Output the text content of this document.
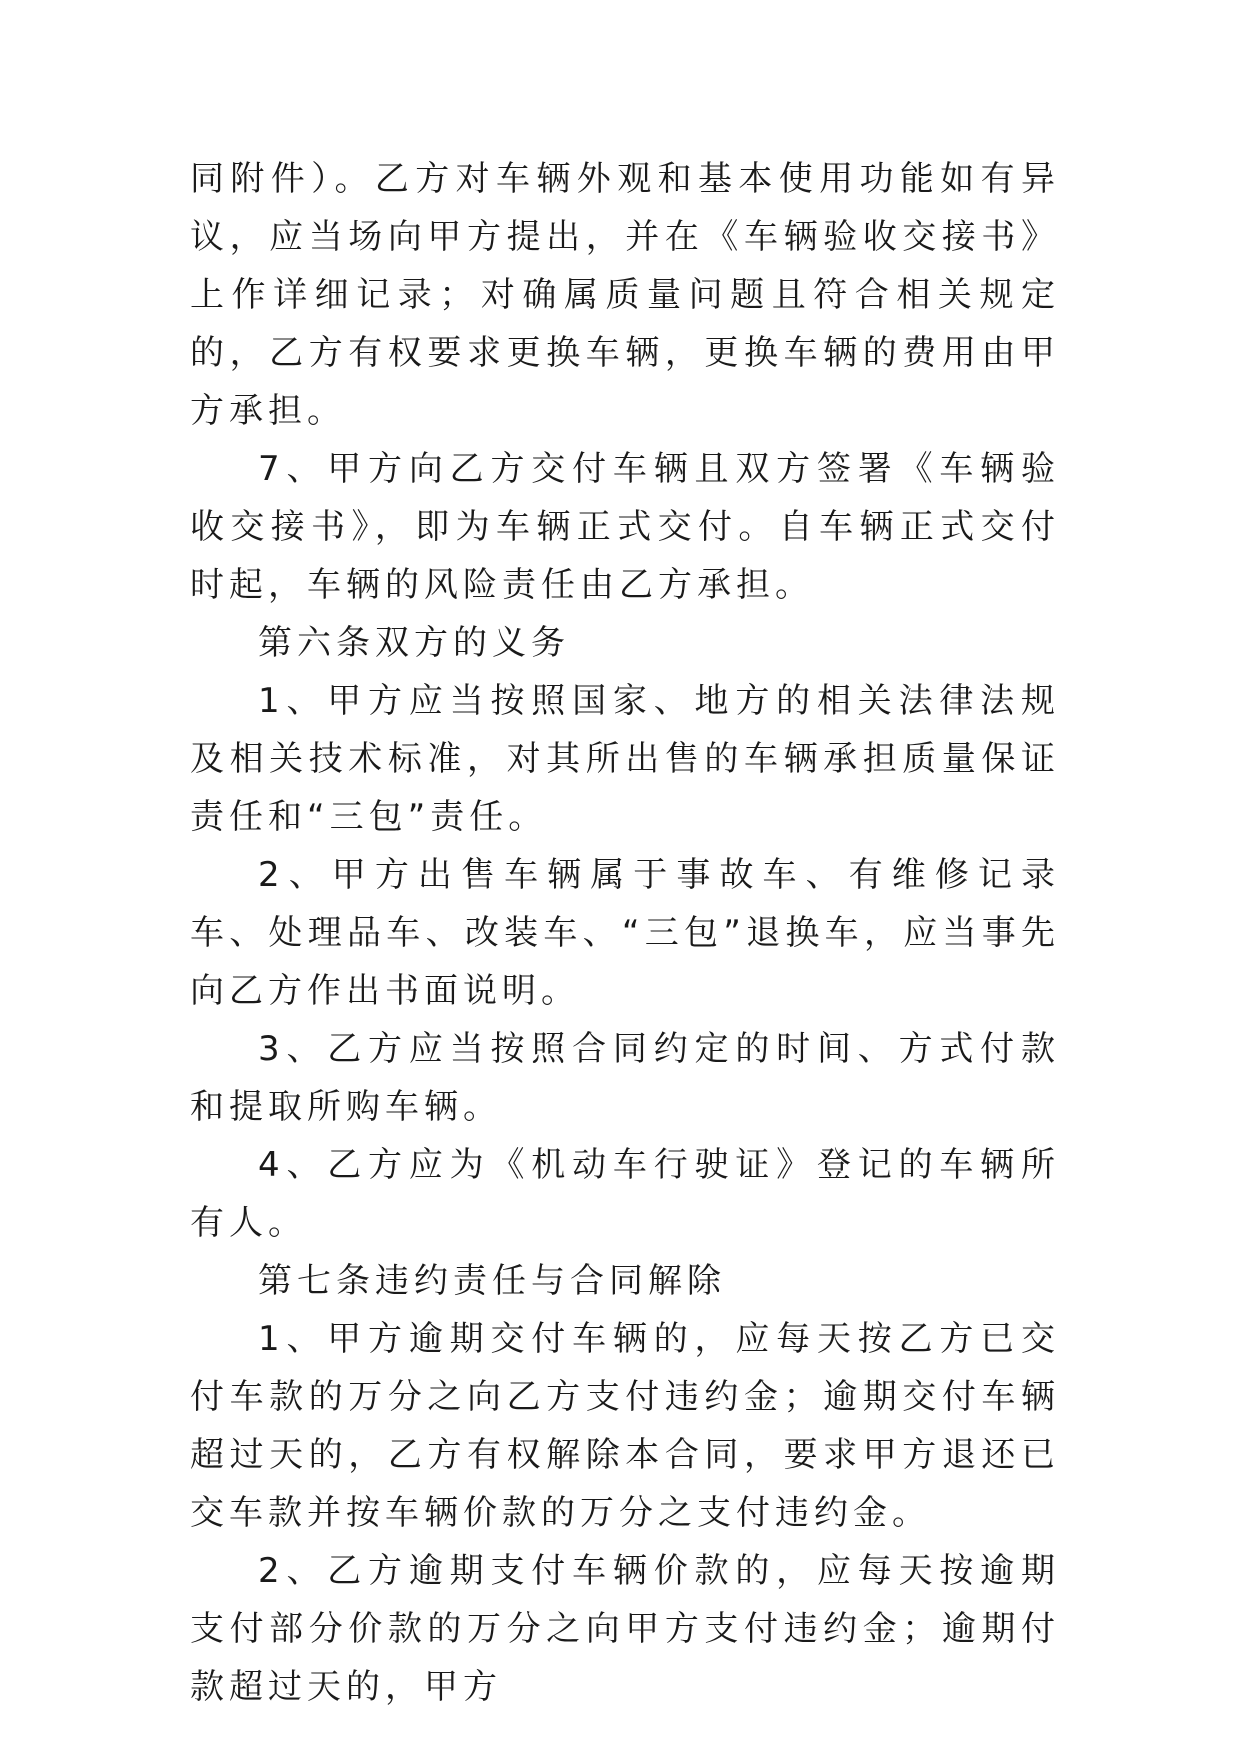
同附件）。乙方对车辆外观和基本使用功能如有异议，应当场向甲方提出，并在《车辆验收交接书》上作详细记录；对确属质量问题且符合相关规定的，乙方有权要求更换车辆，更换车辆的费用由甲方承担。

7、甲方向乙方交付车辆且双方签署《车辆验收交接书》，即为车辆正式交付。自车辆正式交付时起，车辆的风险责任由乙方承担。

第六条双方的义务

1、甲方应当按照国家、地方的相关法律法规及相关技术标准，对其所出售的车辆承担质量保证责任和“三包”责任。

2、甲方出售车辆属于事故车、有维修记录车、处理品车、改装车、“三包”退换车，应当事先向乙方作出书面说明。

3、乙方应当按照合同约定的时间、方式付款和提取所购车辆。

4、乙方应为《机动车行驶证》登记的车辆所有人。

第七条违约责任与合同解除

1、甲方逾期交付车辆的，应每天按乙方已交付车款的万分之向乙方支付违约金；逾期交付车辆超过天的，乙方有权解除本合同，要求甲方退还已交车款并按车辆价款的万分之支付违约金。

2、乙方逾期支付车辆价款的，应每天按逾期支付部分价款的万分之向甲方支付违约金；逾期付款超过天的，甲方
